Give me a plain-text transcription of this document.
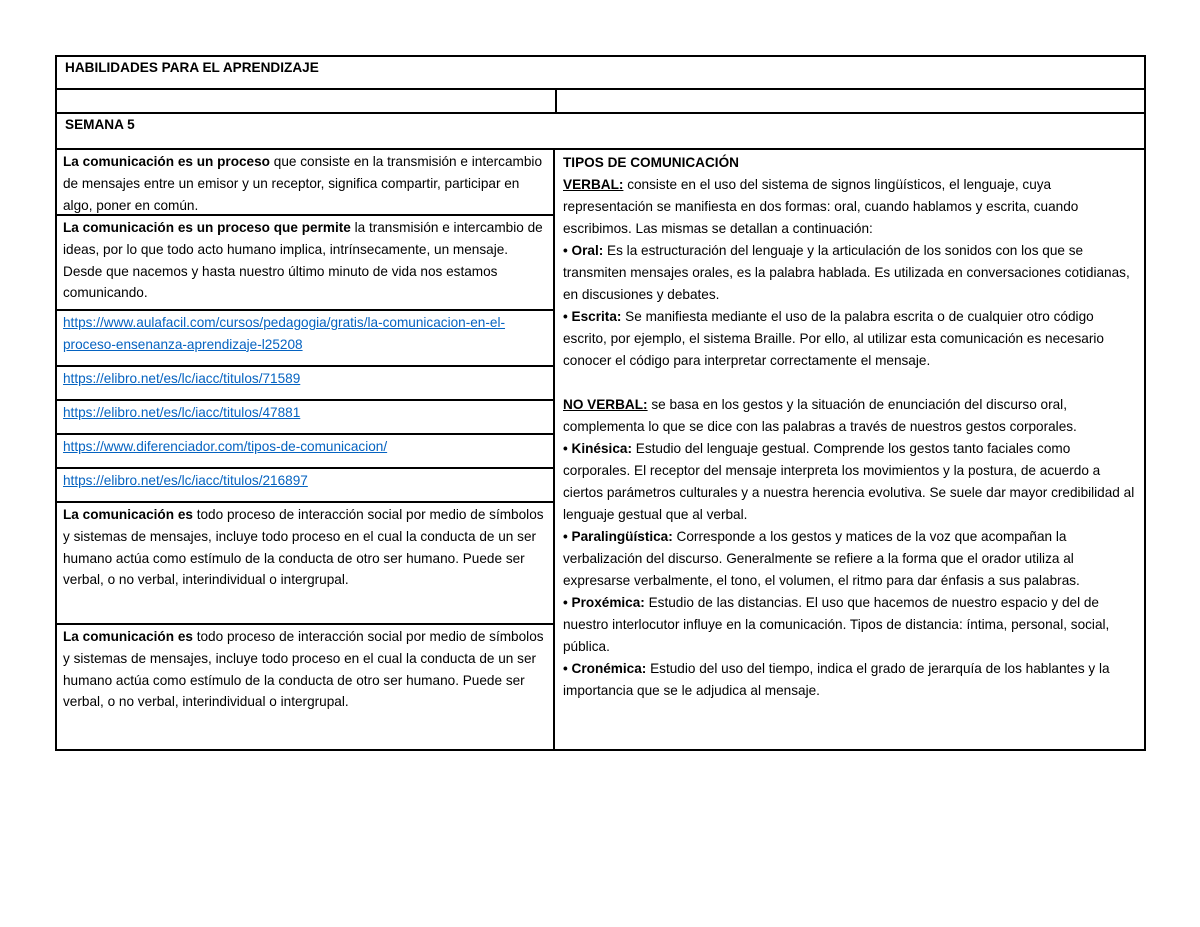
HABILIDADES PARA EL APRENDIZAJE
SEMANA 5
La comunicación es un proceso que consiste en la transmisión e intercambio de mensajes entre un emisor y un receptor, significa compartir, participar en algo, poner en común.
La comunicación es un proceso que permite la transmisión e intercambio de ideas, por lo que todo acto humano implica, intrínsecamente, un mensaje. Desde que nacemos y hasta nuestro último minuto de vida nos estamos comunicando.
https://www.aulafacil.com/cursos/pedagogia/gratis/la-comunicacion-en-el-proceso-ensenanza-aprendizaje-l25208
https://elibro.net/es/lc/iacc/titulos/71589
https://elibro.net/es/lc/iacc/titulos/47881
https://www.diferenciador.com/tipos-de-comunicacion/
https://elibro.net/es/lc/iacc/titulos/216897
La comunicación es todo proceso de interacción social por medio de símbolos y sistemas de mensajes, incluye todo proceso en el cual la conducta de un ser humano actúa como estímulo de la conducta de otro ser humano. Puede ser verbal, o no verbal, interindividual o intergrupal.
La comunicación es todo proceso de interacción social por medio de símbolos y sistemas de mensajes, incluye todo proceso en el cual la conducta de un ser humano actúa como estímulo de la conducta de otro ser humano. Puede ser verbal, o no verbal, interindividual o intergrupal.

TIPOS DE COMUNICACIÓN

VERBAL: consiste en el uso del sistema de signos lingüísticos, el lenguaje, cuya representación se manifiesta en dos formas: oral, cuando hablamos y escrita, cuando escribimos. Las mismas se detallan a continuación:

• Oral: Es la estructuración del lenguaje y la articulación de los sonidos con los que se transmiten mensajes orales, es la palabra hablada. Es utilizada en conversaciones cotidianas, en discusiones y debates.

• Escrita: Se manifiesta mediante el uso de la palabra escrita o de cualquier otro código escrito, por ejemplo, el sistema Braille. Por ello, al utilizar esta comunicación es necesario conocer el código para interpretar correctamente el mensaje.

NO VERBAL: se basa en los gestos y la situación de enunciación del discurso oral, complementa lo que se dice con las palabras a través de nuestros gestos corporales.

• Kinésica: Estudio del lenguaje gestual. Comprende los gestos tanto faciales como corporales. El receptor del mensaje interpreta los movimientos y la postura, de acuerdo a ciertos parámetros culturales y a nuestra herencia evolutiva. Se suele dar mayor credibilidad al lenguaje gestual que al verbal.

• Paralingüística: Corresponde a los gestos y matices de la voz que acompañan la verbalización del discurso. Generalmente se refiere a la forma que el orador utiliza al expresarse verbalmente, el tono, el volumen, el ritmo para dar énfasis a sus palabras.

• Proxémica: Estudio de las distancias. El uso que hacemos de nuestro espacio y del de nuestro interlocutor influye en la comunicación. Tipos de distancia: íntima, personal, social, pública.

• Cronémica: Estudio del uso del tiempo, indica el grado de jerarquía de los hablantes y la importancia que se le adjudica al mensaje.
